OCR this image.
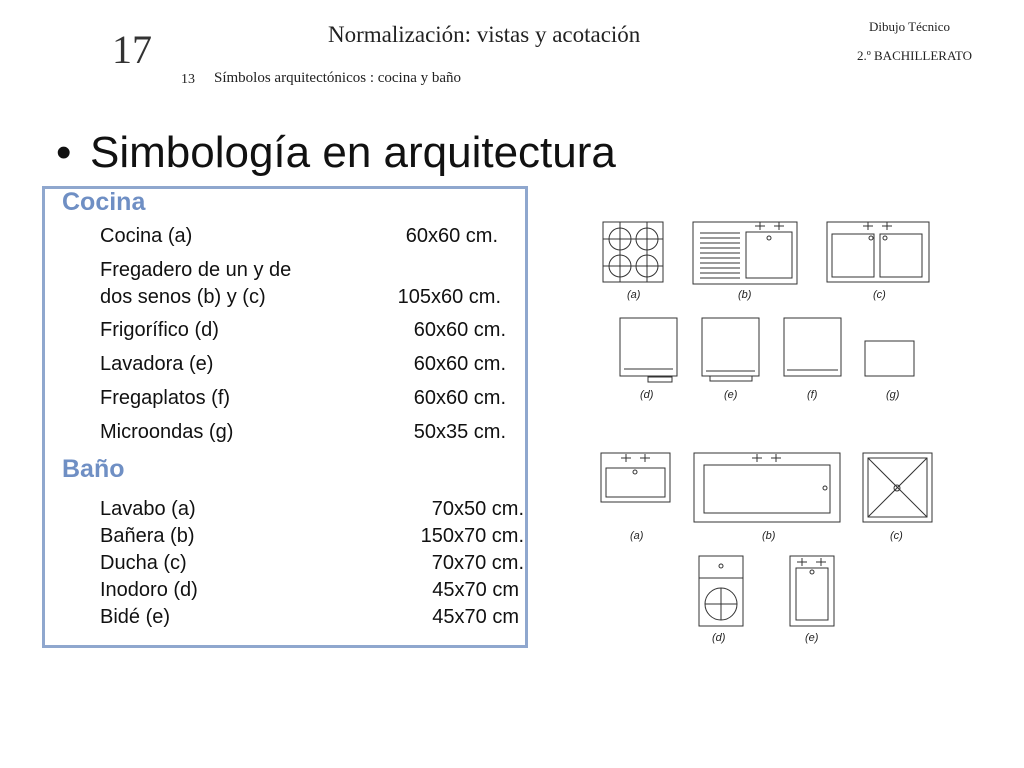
17	Normalización: vistas y acotación	Dibujo Técnico
2.º BACHILLERATO
13 Símbolos arquitectónicos : cocina y baño
• Simbología en arquitectura
Cocina
Cocina (a)	60x60 cm.
Fregadero de un y de
dos senos (b) y (c)	105x60 cm.
Frigorífico (d)	60x60 cm.
Lavadora (e)	60x60 cm.
Fregaplatos (f)	60x60 cm.
Microondas (g)	50x35 cm.
Baño
Lavabo (a)	70x50 cm.
Bañera (b)	150x70 cm.
Ducha (c)	70x70 cm.
Inodoro (d)	45x70 cm
Bidé (e)	45x70 cm
(a)	(b)	(c)
(d)	(e)	(f)	(g)
(a)	(b)	(c)
(d)	(e)
